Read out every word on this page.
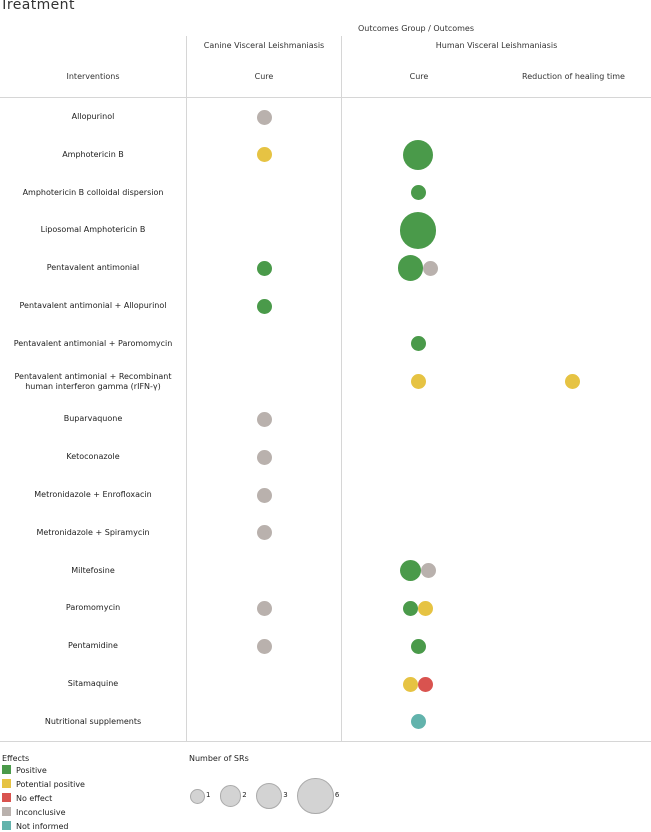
Treatment
Outcomes Group / Outcomes
Canine Visceral Leishmaniasis	Human Visceral Leishmaniasis
Interventions	Cure	Cure	Reduction of healing time
Allopurinol
Amphotericin B
Amphotericin B colloidal dispersion
Liposomal Amphotericin B
Pentavalent antimonial
Pentavalent antimonial + Allopurinol
Pentavalent antimonial + Paromomycin
Pentavalent antimonial + Recombinant human interferon gamma (rIFN-γ)
Buparvaquone
Ketoconazole
Metronidazole + Enrofloxacin
Metronidazole + Spiramycin
Miltefosine
Paromomycin
Pentamidine
Sitamaquine
Nutritional supplements
Effects
Positive
Potential positive
No effect
Inconclusive
Not informed
Number of SRs
1	2	3	6
